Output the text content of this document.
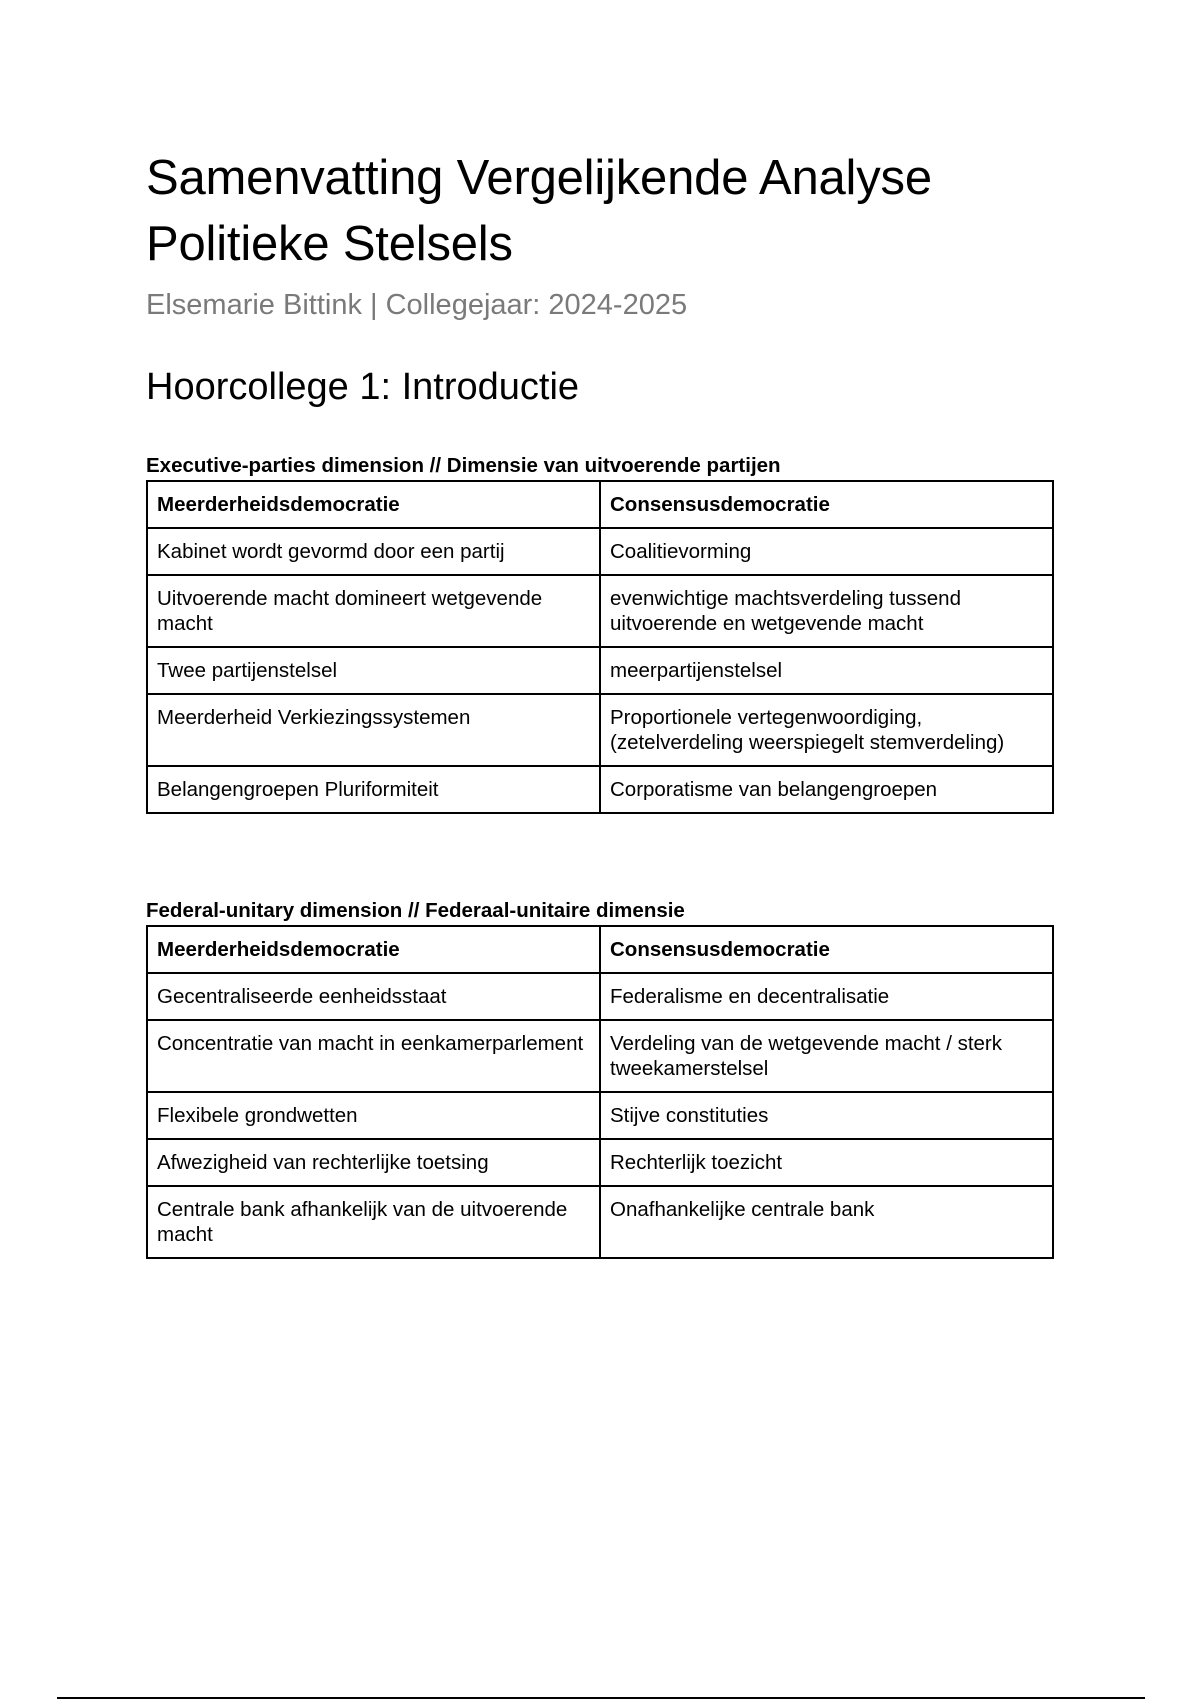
Samenvatting Vergelijkende Analyse
Politieke Stelsels

Elsemarie Bittink | Collegejaar: 2024-2025

Hoorcollege 1: Introductie

Executive-parties dimension // Dimensie van uitvoerende partijen

Meerderheidsdemocratie	Consensusdemocratie
Kabinet wordt gevormd door een partij	Coalitievorming
Uitvoerende macht domineert wetgevende macht	evenwichtige machtsverdeling tussend uitvoerende en wetgevende macht
Twee partijenstelsel	meerpartijenstelsel
Meerderheid Verkiezingssystemen	Proportionele vertegenwoordiging, (zetelverdeling weerspiegelt stemverdeling)
Belangengroepen Pluriformiteit	Corporatisme van belangengroepen

Federal-unitary dimension // Federaal-unitaire dimensie

Meerderheidsdemocratie	Consensusdemocratie
Gecentraliseerde eenheidsstaat	Federalisme en decentralisatie
Concentratie van macht in eenkamerparlement	Verdeling van de wetgevende macht / sterk tweekamerstelsel
Flexibele grondwetten	Stijve constituties
Afwezigheid van rechterlijke toetsing	Rechterlijk toezicht
Centrale bank afhankelijk van de uitvoerende macht	Onafhankelijke centrale bank
